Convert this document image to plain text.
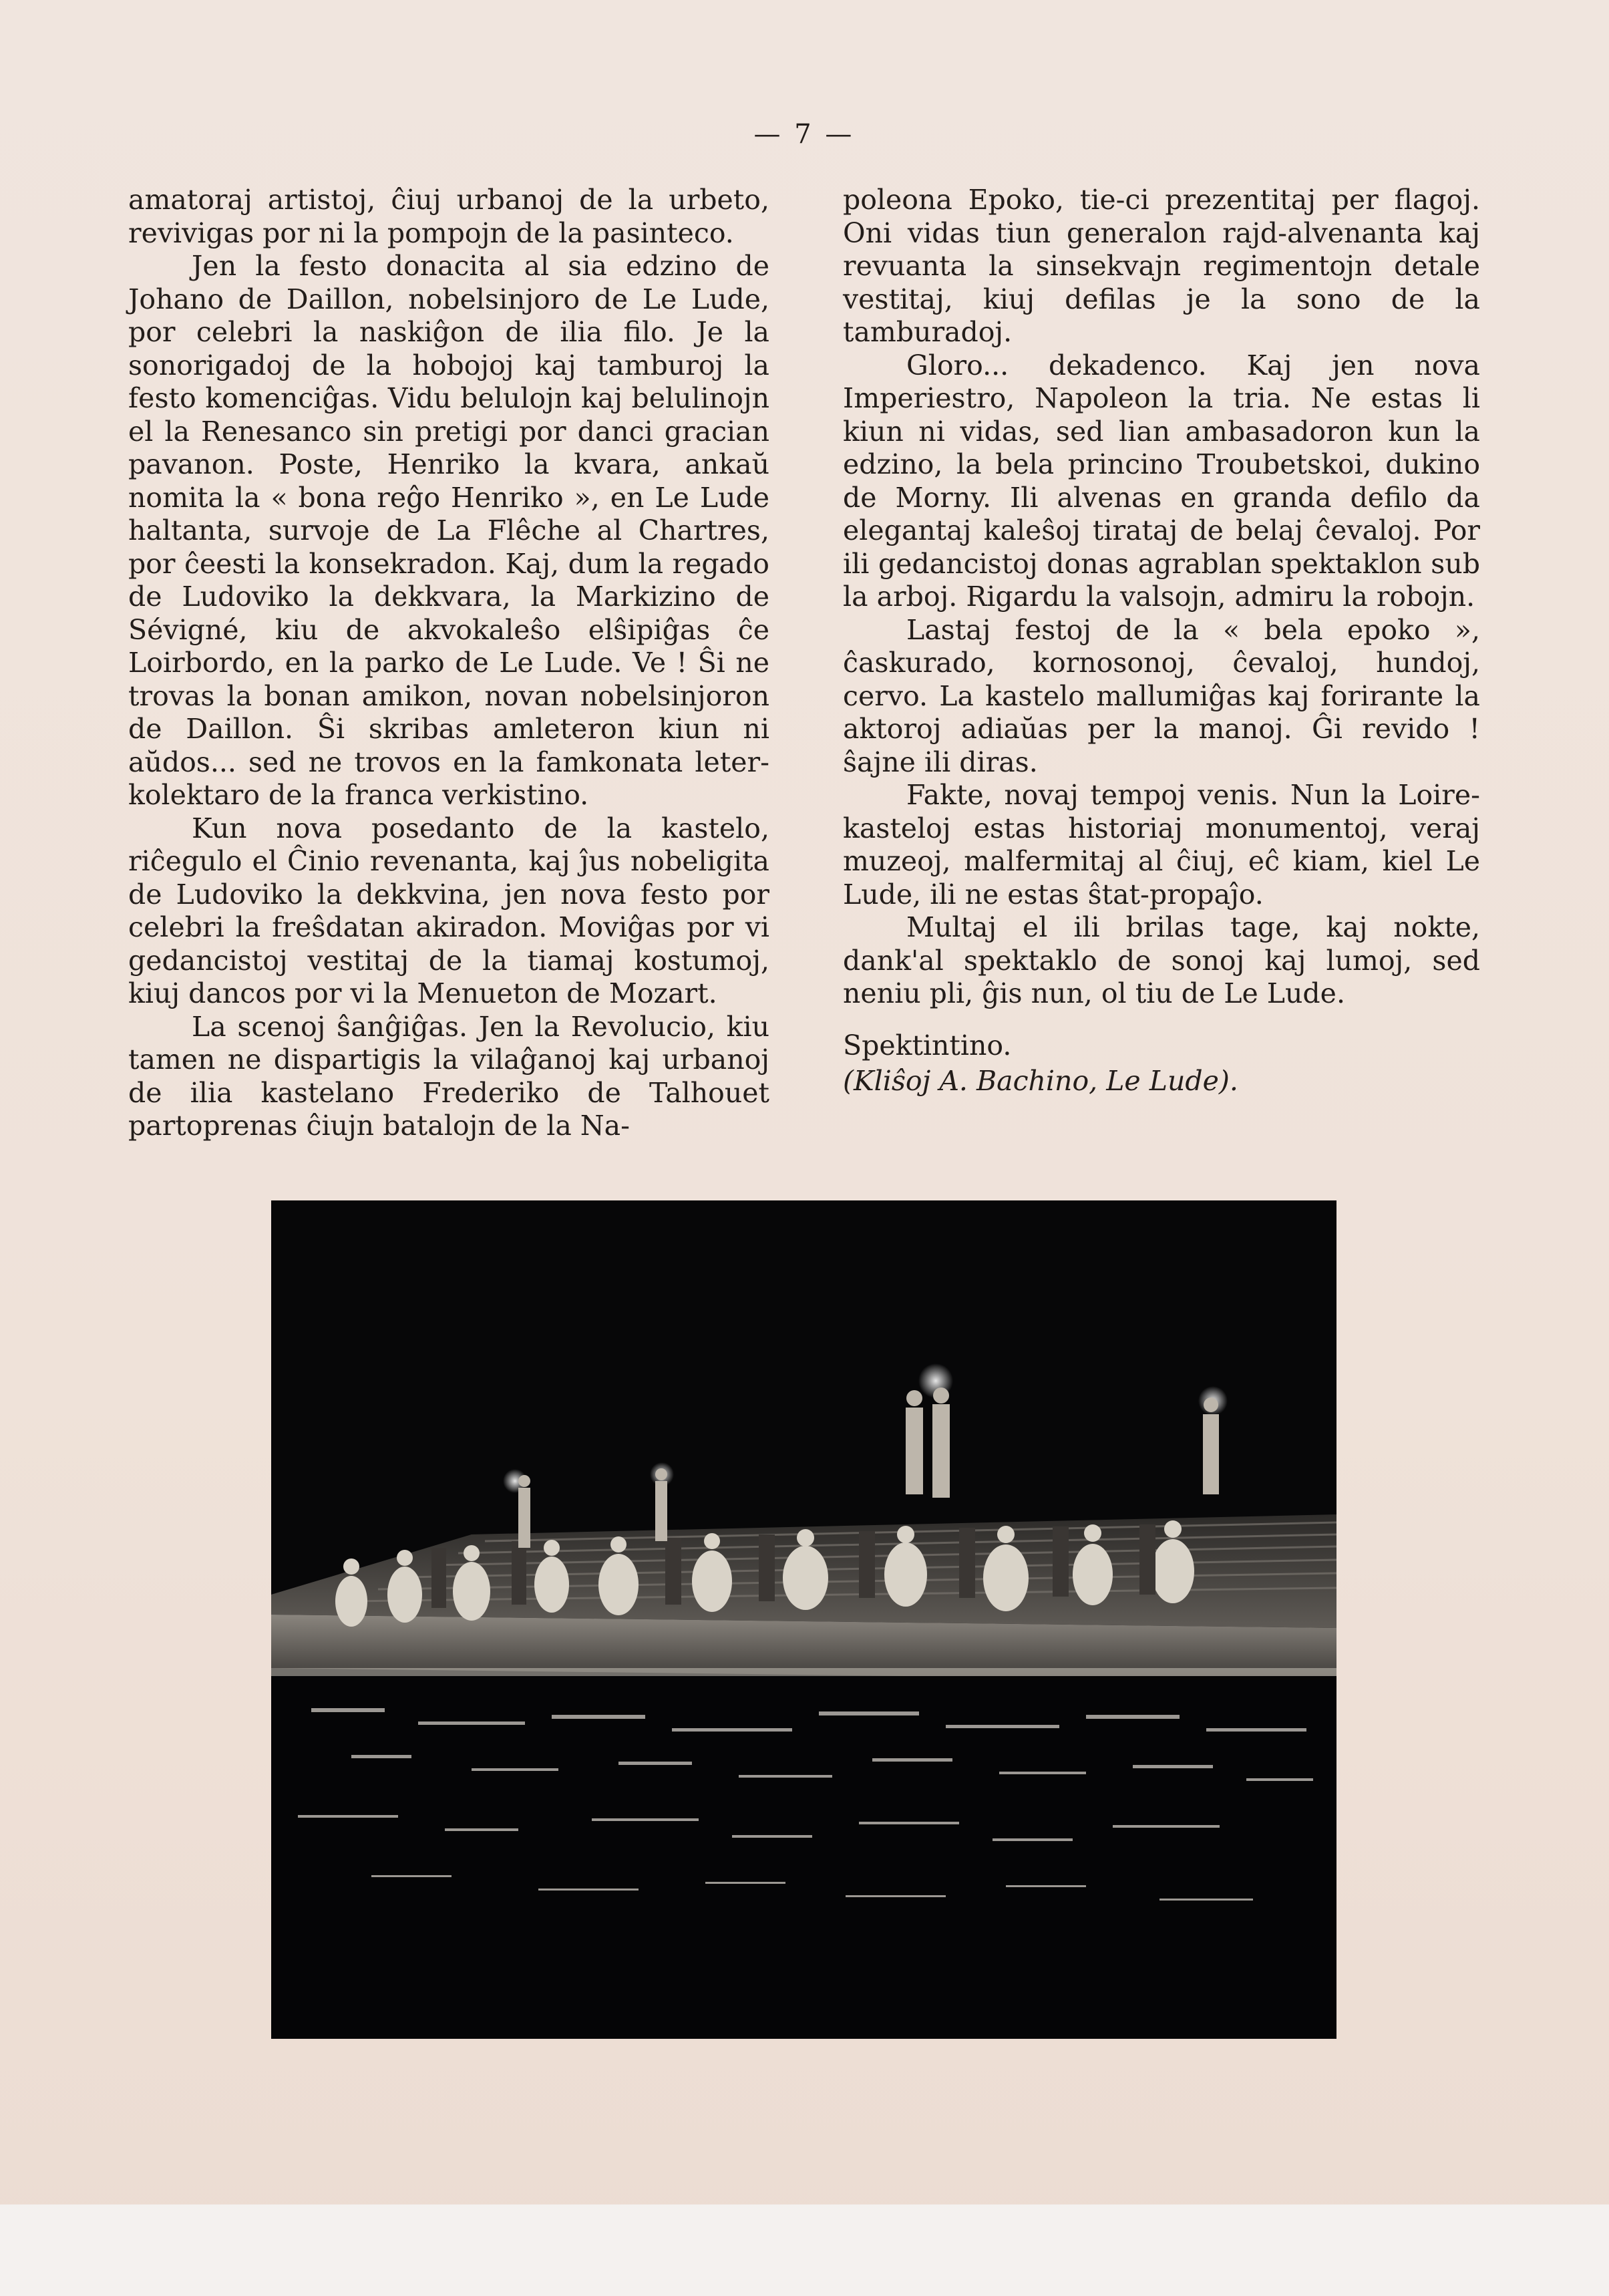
— 7 —

amatoraj artistoj, ĉiuj urbanoj de la urbeto, revivigas por ni la pompojn de la pasinteco.

Jen la festo donacita al sia edzino de Johano de Daillon, nobelsinjoro de Le Lude, por celebri la naskiĝon de ilia filo. Je la sonorigadoj de la hobojoj kaj tamburoj la festo komenciĝas. Vidu belulojn kaj belulinojn el la Renesanco sin pretigi por danci gracian pavanon. Poste, Henriko la kvara, ankaŭ nomita la « bona reĝo Henriko », en Le Lude haltanta, survoje de La Flêche al Chartres, por ĉeesti la konsekradon. Kaj, dum la regado de Ludoviko la dekkvara, la Markizino de Sévigné, kiu de akvokaleŝo elŝipiĝas ĉe Loirbordo, en la parko de Le Lude. Ve ! Ŝi ne trovas la bonan amikon, novan nobelsinjoron de Daillon. Ŝi skribas amleteron kiun ni aŭdos... sed ne trovos en la famkonata leter-kolektaro de la franca verkistino.

Kun nova posedanto de la kastelo, riĉegulo el Ĉinio revenanta, kaj ĵus nobeligita de Ludoviko la dekkvina, jen nova festo por celebri la freŝdatan akiradon. Moviĝas por vi gedancistoj vestitaj de la tiamaj kostumoj, kiuj dancos por vi la Menueton de Mozart.

La scenoj ŝanĝiĝas. Jen la Revolucio, kiu tamen ne dispartigis la vilaĝanoj kaj urbanoj de ilia kastelano Frederiko de Talhouet partoprenas ĉiujn batalojn de la Na-

poleona Epoko, tie-ci prezentitaj per flagoj. Oni vidas tiun generalon rajd-alvenanta kaj revuanta la sinsekvajn regimentojn detale vestitaj, kiuj defilas je la sono de la tamburadoj.

Gloro... dekadenco. Kaj jen nova Imperiestro, Napoleon la tria. Ne estas li kiun ni vidas, sed lian ambasadoron kun la edzino, la bela princino Troubetskoi, dukino de Morny. Ili alvenas en granda defilo da elegantaj kaleŝoj tirataj de belaj ĉevaloj. Por ili gedancistoj donas agrablan spektaklon sub la arboj. Rigardu la valsojn, admiru la robojn.

Lastaj festoj de la « bela epoko », ĉaskurado, kornosonoj, ĉevaloj, hundoj, cervo. La kastelo mallumiĝas kaj forirante la aktoroj adiaŭas per la manoj. Ĝi revido ! ŝajne ili diras.

Fakte, novaj tempoj venis. Nun la Loire-kasteloj estas historiaj monumentoj, veraj muzeoj, malfermitaj al ĉiuj, eĉ kiam, kiel Le Lude, ili ne estas ŝtat-propaĵo.

Multaj el ili brilas tage, kaj nokte, dank'al spektaklo de sonoj kaj lumoj, sed neniu pli, ĝis nun, ol tiu de Le Lude.

Spektintino.

(Kliŝoj A. Bachino, Le Lude).
